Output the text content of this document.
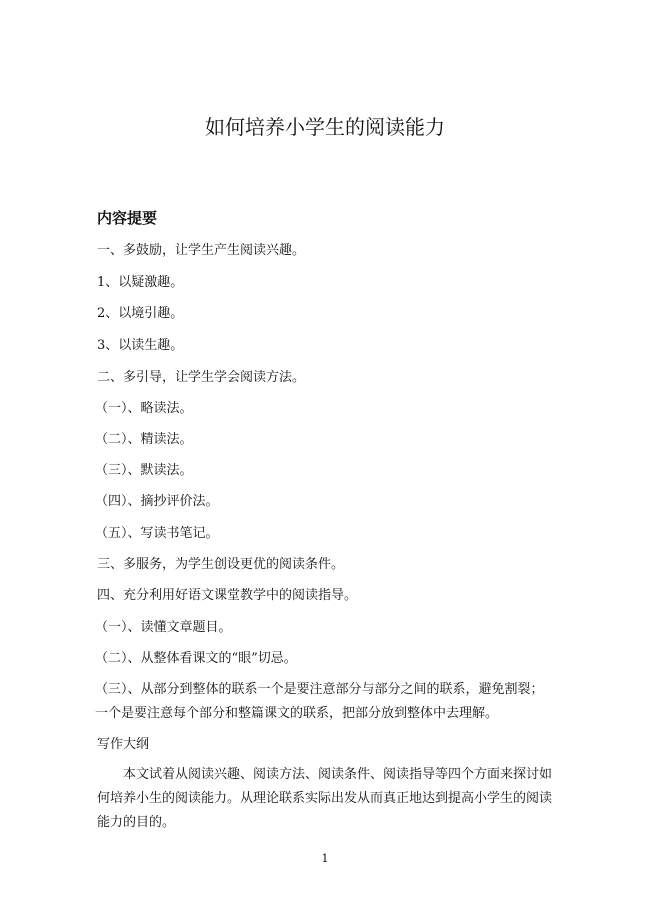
如何培养小学生的阅读能力
内容提要
一、多鼓励，让学生产生阅读兴趣。
1、以疑激趣。
2、以境引趣。
3、以读生趣。
二、多引导，让学生学会阅读方法。
（一）、略读法。
（二）、精读法。
（三）、默读法。
（四）、摘抄评价法。
（五）、写读书笔记。
三、多服务，为学生创设更优的阅读条件。
四、充分利用好语文课堂教学中的阅读指导。
（一）、读懂文章题目。
（二）、从整体看课文的“眼”切忌。
（三）、从部分到整体的联系一个是要注意部分与部分之间的联系，避免割裂；一个是要注意每个部分和整篇课文的联系，把部分放到整体中去理解。
写作大纲
本文试着从阅读兴趣、阅读方法、阅读条件、阅读指导等四个方面来探讨如何培养小生的阅读能力。从理论联系实际出发从而真正地达到提高小学生的阅读能力的目的。
1
